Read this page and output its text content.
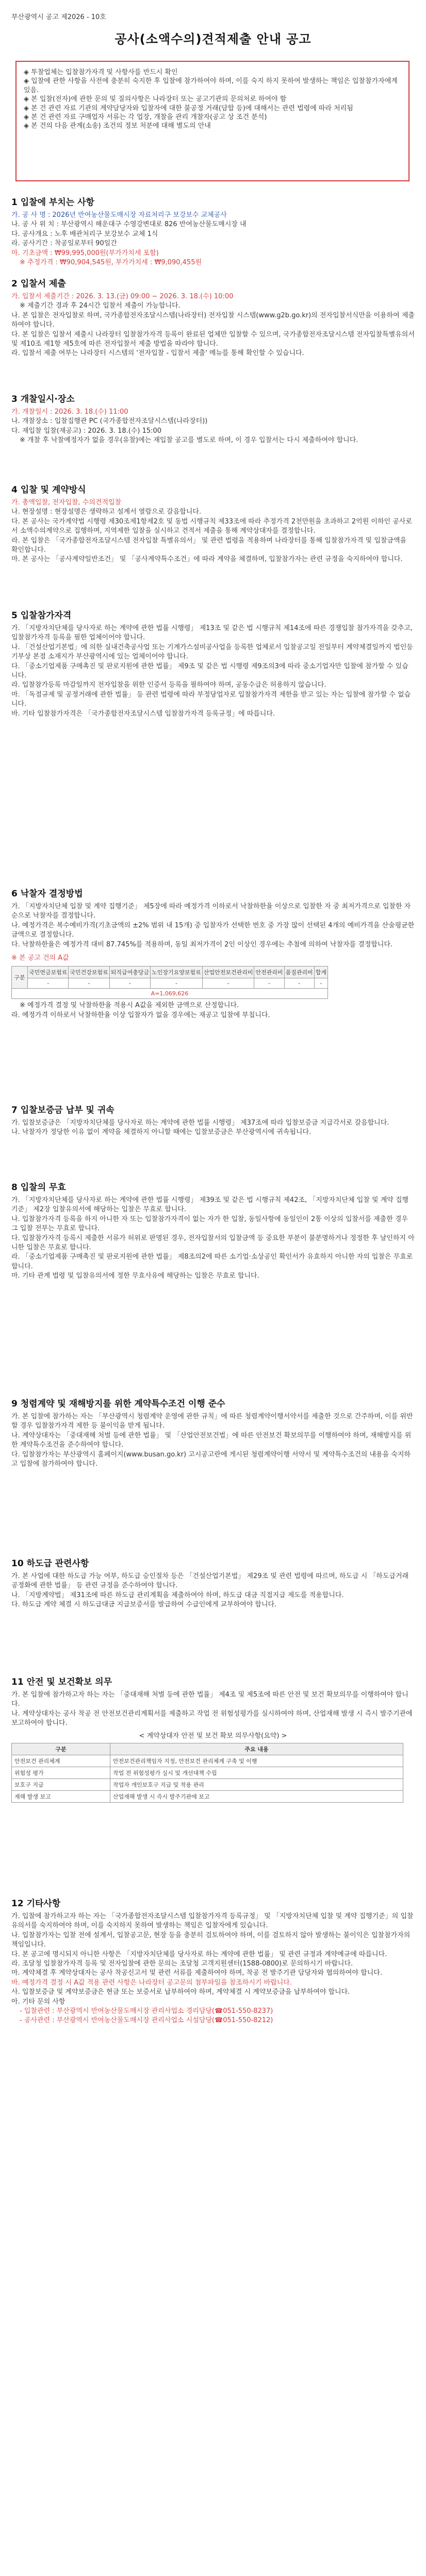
부산광역시 공고 제2026 - 10호
공사(소액수의)견적제출 안내 공고
◈ 투찰업체는 입찰참가자격 및 사항사를 반드시 확인
◈ 입찰에 관한 사항을 사전에 충분히 숙지한 후 입찰에 참가하여야 하며, 이를 숙지 하지 못하여 발생하는 책임은 입찰참가자에게 있음.
◈ 본 입찰(전자)에 관한 문의 및 질의사항은 나라장터 또는 공고기관의 문의처로 하여야 함
◈ 본 건 관련 자료 기관의 계약담당자와 입찰자에 대한 불공정 거래(담합 등)에 대해서는 관련 법령에 따라 처리됨
◈ 본 건 관련 자료 구매업자 서류는 각 업장, 개찰을 관리 개찰자(공고 상 조건 분석)
◈ 본 건의 다음 관계(소송) 조건의 정보 처분에 대해 별도의 안내
1 입찰에 부치는 사항
가. 공 사 명 : 2026년 반여농산물도매시장 자료처리구 보강보수 교체공사
나. 공 사 위 치 : 부산광역시 해운대구 수영강변대로 826 반여농산물도매시장 내
다. 공사개요 : 노후 배관처리구 보강보수 교체 1식
라. 공사기간 : 착공일로부터 90일간
마. 기초금액 : ₩99,995,000원(부가가치세 포함)
※ 추정가격 : ₩90,904,545원, 부가가치세 : ₩9,090,455원
2 입찰서 제출
가. 입찰서 제출기간 : 2026. 3. 13.(금) 09:00 ~ 2026. 3. 18.(수) 10:00
※ 제출기간 경과 후 24시간 입찰서 제출이 가능합니다.
나. 본 입찰은 전자입찰로 하며, 국가종합전자조달시스템(나라장터) 전자입찰 시스템(www.g2b.go.kr)의 전자입찰서식만을 이용하여 제출하여야 합니다.
다. 본 입찰은 입찰서 제출시 나라장터 입찰참가자격 등록이 완료된 업체만 입찰할 수 있으며, 국가종합전자조달시스템 전자입찰특별유의서 및 제10조 제1항 제5호에 따른 전자입찰서 제출 방법을 따라야 합니다.
라. 입찰서 제출 여부는 나라장터 시스템의 '전자입찰 - 입찰서 제출' 메뉴를 통해 확인할 수 있습니다.
3 개찰일시·장소
가. 개찰일시 : 2026. 3. 18.(수) 11:00
나. 개찰장소 : 입찰집행관 PC (국가종합전자조달시스템(나라장터))
다. 재입찰 입찰(재공고) : 2026. 3. 18.(수) 15:00
※ 개찰 후 낙찰예정자가 없을 경우(유찰)에는 재입찰 공고를 별도로 하며, 이 경우 입찰서는 다시 제출하여야 합니다.
4 입찰 및 계약방식
가. 총액입찰, 전자입찰, 수의견적입찰
나. 현장설명 : 현장설명은 생략하고 설계서 열람으로 갈음합니다.
다. 본 공사는 국가계약법 시행령 제30조제1항제2호 및 동법 시행규칙 제33조에 따라 추정가격 2천만원을 초과하고 2억원 이하인 공사로서 소액수의계약으로 집행하며, 지역제한 입찰을 실시하고 견적서 제출을 통해 계약상대자를 결정합니다.
라. 본 입찰은 「국가종합전자조달시스템 전자입찰 특별유의서」 및 관련 법령을 적용하며 나라장터를 통해 입찰참가자격 및 입찰금액을 확인합니다.
마. 본 공사는 「공사계약일반조건」 및 「공사계약특수조건」에 따라 계약을 체결하며, 입찰참가자는 관련 규정을 숙지하여야 합니다.
5 입찰참가자격
가. 「지방자치단체를 당사자로 하는 계약에 관한 법률 시행령」 제13조 및 같은 법 시행규칙 제14조에 따른 경쟁입찰 참가자격을 갖추고, 입찰참가자격 등록을 필한 업체이어야 합니다.
나. 「건설산업기본법」에 의한 실내건축공사업 또는 기계가스설비공사업을 등록한 업체로서 입찰공고일 전일부터 계약체결일까지 법인등기부상 본점 소재지가 부산광역시에 있는 업체이어야 합니다.
다. 「중소기업제품 구매촉진 및 판로지원에 관한 법률」 제9조 및 같은 법 시행령 제9조의3에 따라 중소기업자만 입찰에 참가할 수 있습니다.
라. 입찰참가등록 마감일까지 전자입찰을 위한 인증서 등록을 필하여야 하며, 공동수급은 허용하지 않습니다.
마. 「독점규제 및 공정거래에 관한 법률」 등 관련 법령에 따라 부정당업자로 입찰참가자격 제한을 받고 있는 자는 입찰에 참가할 수 없습니다.
바. 기타 입찰참가자격은 「국가종합전자조달시스템 입찰참가자격 등록규정」에 따릅니다.
6 낙찰자 결정방법
가. 「지방자치단체 입찰 및 계약 집행기준」 제5장에 따라 예정가격 이하로서 낙찰하한율 이상으로 입찰한 자 중 최저가격으로 입찰한 자 순으로 낙찰자를 결정합니다.
나. 예정가격은 복수예비가격(기초금액의 ±2% 범위 내 15개) 중 입찰자가 선택한 번호 중 가장 많이 선택된 4개의 예비가격을 산술평균한 금액으로 결정합니다.
다. 낙찰하한율은 예정가격 대비 87.745%를 적용하며, 동일 최저가격이 2인 이상인 경우에는 추첨에 의하여 낙찰자를 결정합니다.
※ 본 공고 건의 A값
구분	국민연금보험료	국민건강보험료	퇴직급여충당금	노인장기요양보험료	산업안전보건관리비	안전관리비	품질관리비	합계
	-	-	-	-	-	-	-	-
A=1,069,626								
※ 예정가격 결정 및 낙찰하한율 적용시 A값을 제외한 금액으로 산정합니다.
라. 예정가격 이하로서 낙찰하한율 이상 입찰자가 없을 경우에는 재공고 입찰에 부칩니다.
7 입찰보증금 납부 및 귀속
가. 입찰보증금은 「지방자치단체를 당사자로 하는 계약에 관한 법률 시행령」 제37조에 따라 입찰보증금 지급각서로 갈음합니다.
나. 낙찰자가 정당한 이유 없이 계약을 체결하지 아니할 때에는 입찰보증금은 부산광역시에 귀속됩니다.
8 입찰의 무효
가. 「지방자치단체를 당사자로 하는 계약에 관한 법률 시행령」 제39조 및 같은 법 시행규칙 제42조, 「지방자치단체 입찰 및 계약 집행기준」 제2장 입찰유의서에 해당하는 입찰은 무효로 합니다.
나. 입찰참가자격 등록을 하지 아니한 자 또는 입찰참가자격이 없는 자가 한 입찰, 동일사항에 동일인이 2통 이상의 입찰서를 제출한 경우 그 입찰 전부는 무효로 합니다.
다. 입찰참가자격 등록시 제출한 서류가 허위로 판명된 경우, 전자입찰서의 입찰금액 등 중요한 부분이 불분명하거나 정정한 후 날인하지 아니한 입찰은 무효로 합니다.
라. 「중소기업제품 구매촉진 및 판로지원에 관한 법률」 제8조의2에 따른 소기업·소상공인 확인서가 유효하지 아니한 자의 입찰은 무효로 합니다.
마. 기타 관계 법령 및 입찰유의서에 정한 무효사유에 해당하는 입찰은 무효로 합니다.
9 청렴계약 및 재해방지를 위한 계약특수조건 이행 준수
가. 본 입찰에 참가하는 자는 「부산광역시 청렴계약 운영에 관한 규칙」에 따른 청렴계약이행서약서를 제출한 것으로 간주하며, 이를 위반할 경우 입찰참가자격 제한 등 불이익을 받게 됩니다.
나. 계약상대자는 「중대재해 처벌 등에 관한 법률」 및 「산업안전보건법」에 따른 안전보건 확보의무를 이행하여야 하며, 재해방지를 위한 계약특수조건을 준수하여야 합니다.
다. 입찰참가자는 부산광역시 홈페이지(www.busan.go.kr) 고시공고란에 게시된 청렴계약이행 서약서 및 계약특수조건의 내용을 숙지하고 입찰에 참가하여야 합니다.
10 하도급 관련사항
가. 본 사업에 대한 하도급 가능 여부, 하도급 승인절차 등은 「건설산업기본법」 제29조 및 관련 법령에 따르며, 하도급 시 「하도급거래 공정화에 관한 법률」 등 관련 규정을 준수하여야 합니다.
나. 「지방계약법」 제31조에 따른 하도급 관리계획을 제출하여야 하며, 하도급 대금 직접지급 제도를 적용합니다.
다. 하도급 계약 체결 시 하도급대금 지급보증서를 발급하여 수급인에게 교부하여야 합니다.
11 안전 및 보건확보 의무
가. 본 입찰에 참가하고자 하는 자는 「중대재해 처벌 등에 관한 법률」 제4조 및 제5조에 따른 안전 및 보건 확보의무를 이행하여야 합니다.
나. 계약상대자는 공사 착공 전 안전보건관리계획서를 제출하고 작업 전 위험성평가를 실시하여야 하며, 산업재해 발생 시 즉시 발주기관에 보고하여야 합니다.
< 계약상대자 안전 및 보건 확보 의무사항(요약) >
구분	주요 내용
안전보건 관리체계	안전보건관리책임자 지정, 안전보건 관리체계 구축 및 이행
위험성 평가	작업 전 위험성평가 실시 및 개선대책 수립
보호구 지급	작업자 개인보호구 지급 및 착용 관리
재해 발생 보고	산업재해 발생 시 즉시 발주기관에 보고
12 기타사항
가. 입찰에 참가하고자 하는 자는 「국가종합전자조달시스템 입찰참가자격 등록규정」 및 「지방자치단체 입찰 및 계약 집행기준」의 입찰유의서를 숙지하여야 하며, 이를 숙지하지 못하여 발생하는 책임은 입찰자에게 있습니다.
나. 입찰참가자는 입찰 전에 설계서, 입찰공고문, 현장 등을 충분히 검토하여야 하며, 이를 검토하지 않아 발생하는 불이익은 입찰참가자의 책임입니다.
다. 본 공고에 명시되지 아니한 사항은 「지방자치단체를 당사자로 하는 계약에 관한 법률」 및 관련 규정과 계약예규에 따릅니다.
라. 조달청 입찰참가자격 등록 및 전자입찰에 관한 문의는 조달청 고객지원센터(1588-0800)로 문의하시기 바랍니다.
마. 계약체결 후 계약상대자는 공사 착공신고서 및 관련 서류를 제출하여야 하며, 착공 전 발주기관 담당자와 협의하여야 합니다.
바. 예정가격 결정 시 A값 적용 관련 사항은 나라장터 공고문의 첨부파일을 참조하시기 바랍니다.
사. 입찰보증금 및 계약보증금은 현금 또는 보증서로 납부하여야 하며, 계약체결 시 계약보증금을 납부하여야 합니다.
아. 기타 문의 사항
- 입찰관련 : 부산광역시 반여농산물도매시장 관리사업소 경리담당(☎051-550-8237)
- 공사관련 : 부산광역시 반여농산물도매시장 관리사업소 시설담당(☎051-550-8212)
